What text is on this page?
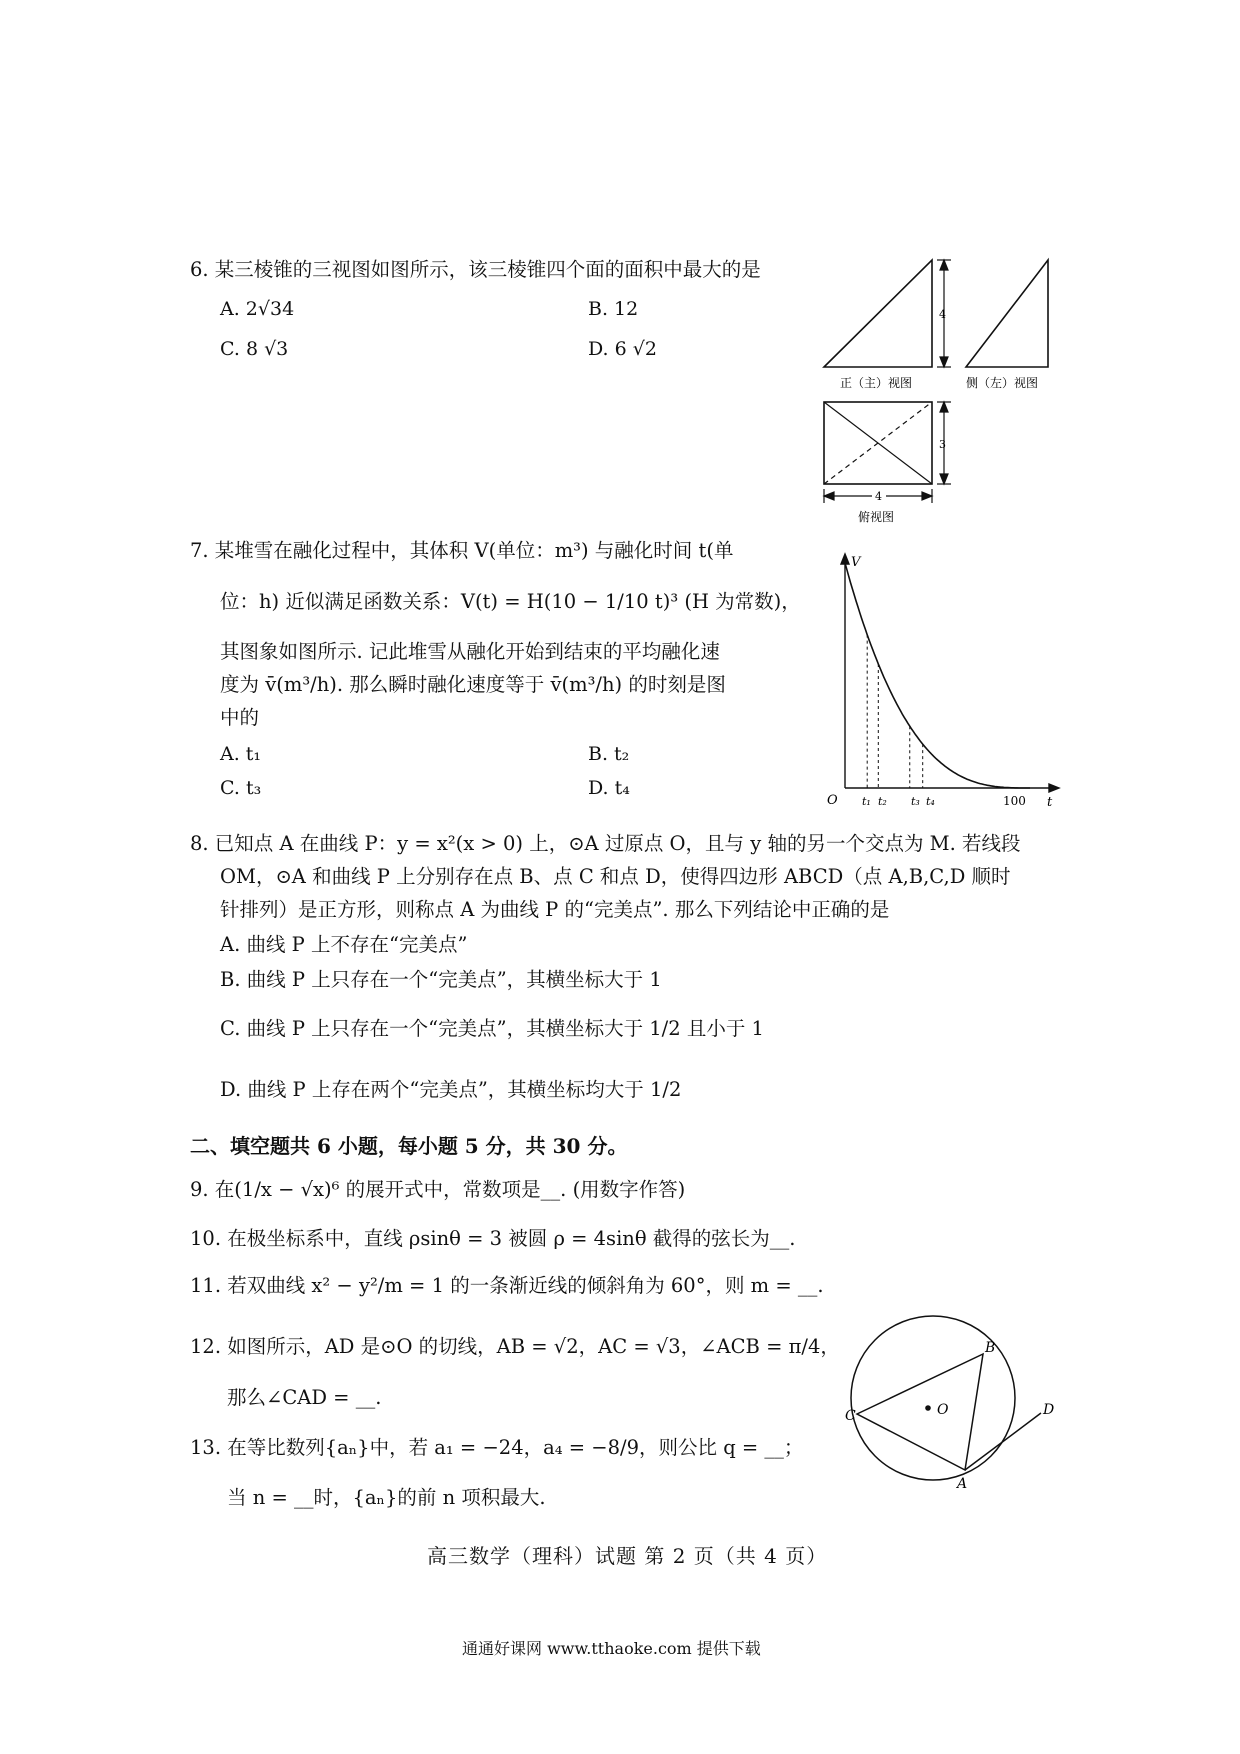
6. 某三棱锥的三视图如图所示，该三棱锥四个面的面积中最大的是
A. 2√34	B. 12
C. 8 √3	D. 6 √2
4
正（主）视图	侧（左）视图
3
4
俯视图
7. 某堆雪在融化过程中，其体积 V(单位：m³) 与融化时间 t(单
位：h) 近似满足函数关系：V(t) = H(10 − 1/10 t)³ (H 为常数)，
其图象如图所示. 记此堆雪从融化开始到结束的平均融化速
度为 v̄(m³/h). 那么瞬时融化速度等于 v̄(m³/h) 的时刻是图
中的
A. t₁	B. t₂
C. t₃	D. t₄
V
t
O	100
t₁ t₂ t₃ t₄
8. 已知点 A 在曲线 P：y = x²(x > 0) 上，⊙A 过原点 O，且与 y 轴的另一个交点为 M. 若线段
OM，⊙A 和曲线 P 上分别存在点 B、点 C 和点 D，使得四边形 ABCD（点 A,B,C,D 顺时
针排列）是正方形，则称点 A 为曲线 P 的“完美点”. 那么下列结论中正确的是
A. 曲线 P 上不存在“完美点”
B. 曲线 P 上只存在一个“完美点”，其横坐标大于 1
C. 曲线 P 上只存在一个“完美点”，其横坐标大于 1/2 且小于 1
D. 曲线 P 上存在两个“完美点”，其横坐标均大于 1/2
二、填空题共 6 小题，每小题 5 分，共 30 分。
9. 在(1/x − √x)⁶ 的展开式中，常数项是__. (用数字作答)
10. 在极坐标系中，直线 ρsinθ = 3 被圆 ρ = 4sinθ 截得的弦长为__.
11. 若双曲线 x² − y²/m = 1 的一条渐近线的倾斜角为 60°，则 m = __.
12. 如图所示，AD 是⊙O 的切线，AB = √2，AC = √3，∠ACB = π/4，
那么∠CAD = __.
13. 在等比数列{aₙ}中，若 a₁ = −24，a₄ = −8/9，则公比 q = __；
当 n = __时，{aₙ}的前 n 项积最大.
B
C	O	D
A
高三数学（理科）试题 第 2 页（共 4 页）
通通好课网 www.tthaoke.com 提供下载
